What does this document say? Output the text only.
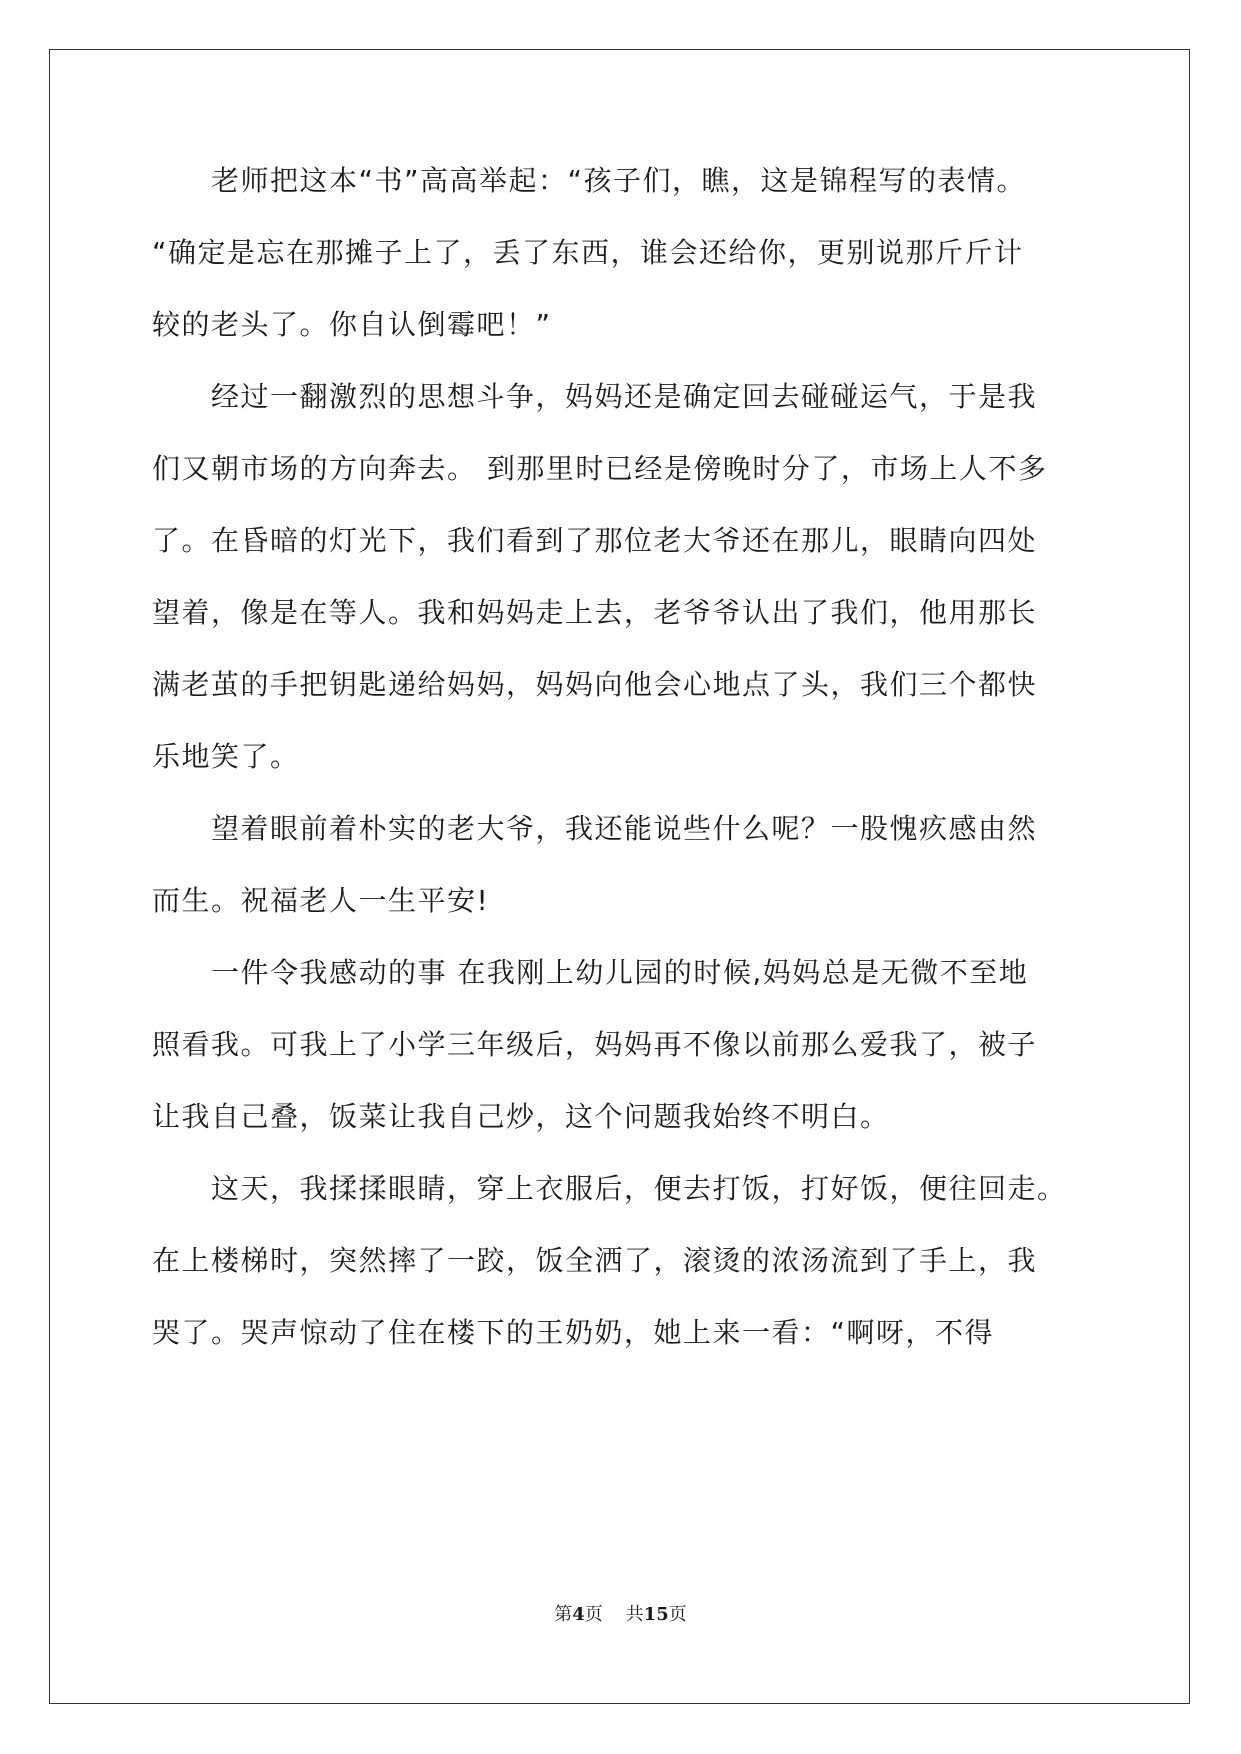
　　老师把这本“书”高高举起：“孩子们，瞧，这是锦程写的表情。
“确定是忘在那摊子上了，丢了东西，谁会还给你，更别说那斤斤计
较的老头了。你自认倒霉吧！”
　　经过一翻激烈的思想斗争，妈妈还是确定回去碰碰运气，于是我
们又朝市场的方向奔去。 到那里时已经是傍晚时分了，市场上人不多
了。在昏暗的灯光下，我们看到了那位老大爷还在那儿，眼睛向四处
望着，像是在等人。我和妈妈走上去，老爷爷认出了我们，他用那长
满老茧的手把钥匙递给妈妈，妈妈向他会心地点了头，我们三个都快
乐地笑了。
　　望着眼前着朴实的老大爷，我还能说些什么呢？一股愧疚感由然
而生。祝福老人一生平安!
　　一件令我感动的事 在我刚上幼儿园的时候,妈妈总是无微不至地
照看我。可我上了小学三年级后，妈妈再不像以前那么爱我了，被子
让我自己叠，饭菜让我自己炒，这个问题我始终不明白。
　　这天，我揉揉眼睛，穿上衣服后，便去打饭，打好饭，便往回走。
在上楼梯时，突然摔了一跤，饭全洒了，滚烫的浓汤流到了手上，我
哭了。哭声惊动了住在楼下的王奶奶，她上来一看：“啊呀，不得
第4页 共15页
